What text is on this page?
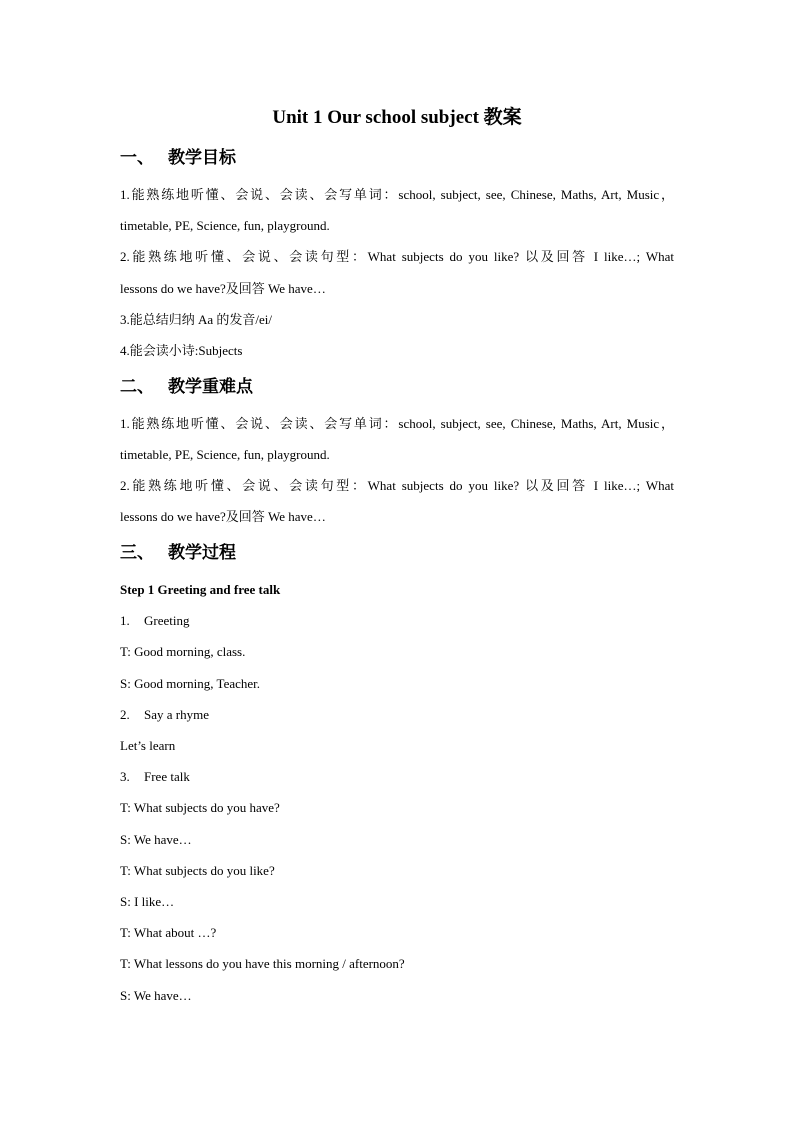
Unit 1 Our school subject 教案
一、 教学目标
1.能熟练地听懂、会说、会读、会写单词：school, subject, see, Chinese, Maths, Art, Music，
timetable, PE, Science, fun, playground.
2.能熟练地听懂、会说、会读句型：What subjects do you like? 以及回答 I like…; What
lessons do we have?及回答 We have…
3.能总结归纳 Aa 的发音/ei/
4.能会读小诗:Subjects
二、 教学重难点
1.能熟练地听懂、会说、会读、会写单词：school, subject, see, Chinese, Maths, Art, Music，
timetable, PE, Science, fun, playground.
2.能熟练地听懂、会说、会读句型：What subjects do you like? 以及回答 I like…; What
lessons do we have?及回答 We have…
三、 教学过程
Step 1 Greeting and free talk
1. Greeting
T: Good morning, class.
S: Good morning, Teacher.
2. Say a rhyme
Let’s learn
3. Free talk
T: What subjects do you have?
S: We have…
T: What subjects do you like?
S: I like…
T: What about …?
T: What lessons do you have this morning / afternoon?
S: We have…
